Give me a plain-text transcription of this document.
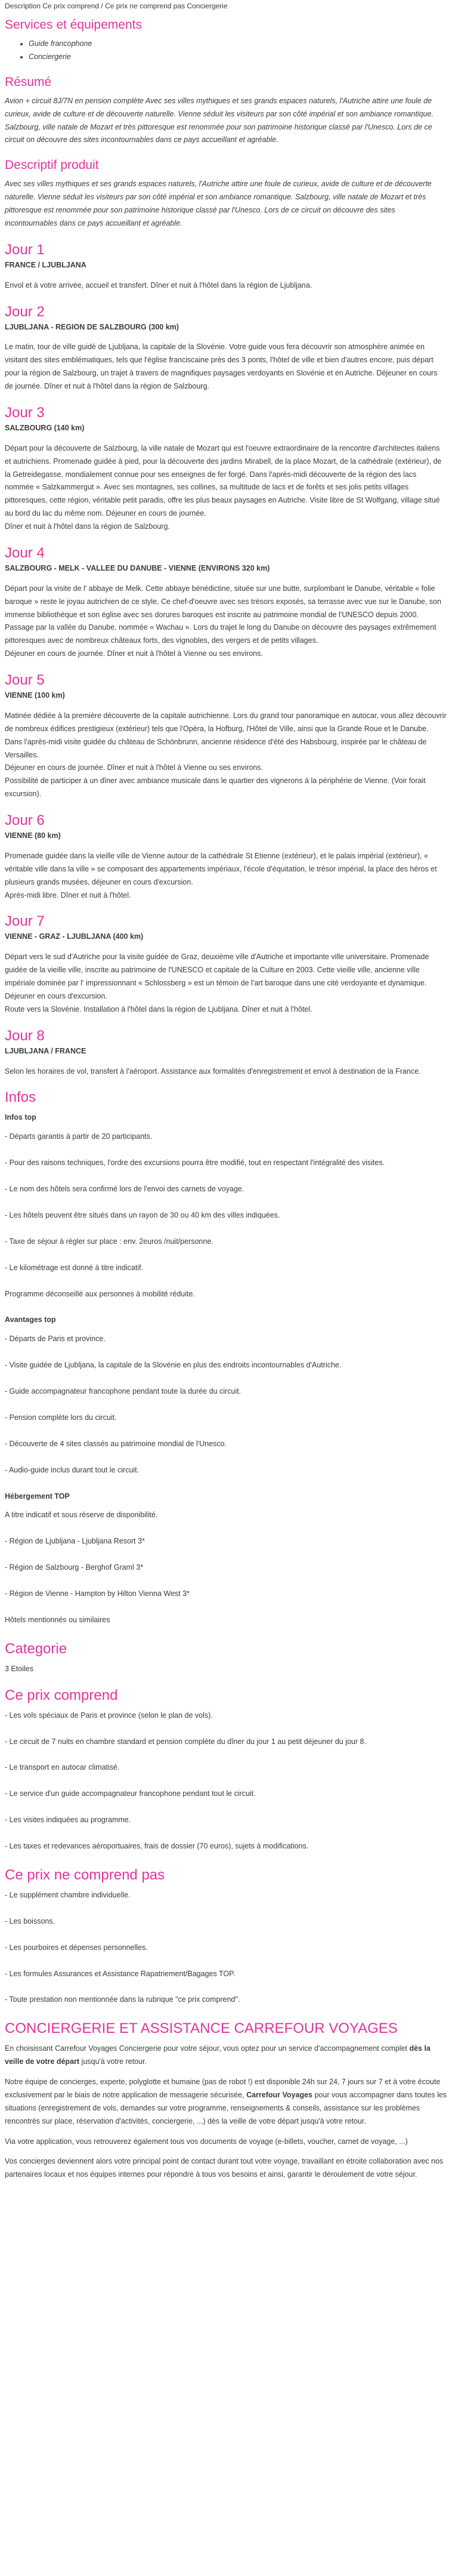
Description Ce prix comprend / Ce prix ne comprend pas Conciergerie

Services et équipements
• Guide francophone
• Conciergerie
Résumé

Avion + circuit 8J/7N en pension complète Avec ses villes mythiques et ses grands espaces naturels, l'Autriche attire une foule de curieux, avide de culture et de découverte naturelle. Vienne séduit les visiteurs par son côté impérial et son ambiance romantique. Salzbourg, ville natale de Mozart et très pittoresque est renommée pour son patrimoine historique classé par l'Unesco. Lors de ce circuit on découvre des sites incontournables dans ce pays accueillant et agréable.

Descriptif produit

Avec ses villes mythiques et ses grands espaces naturels, l'Autriche attire une foule de curieux, avide de culture et de découverte naturelle. Vienne séduit les visiteurs par son côté impérial et son ambiance romantique. Salzbourg, ville natale de Mozart et très pittoresque est renommée pour son patrimoine historique classé par l'Unesco. Lors de ce circuit on découvre des sites incontournables dans ce pays accueillant et agréable.

Jour 1
FRANCE / LJUBLJANA

Envol et à votre arrivée, accueil et transfert. Dîner et nuit à l'hôtel dans la région de Ljubljana.

Jour 2
LJUBLJANA - REGION DE SALZBOURG (300 km)

Le matin, tour de ville guidé de Ljubljana, la capitale de la Slovénie. Votre guide vous fera découvrir son atmosphère animée en visitant des sites emblématiques, tels que l'église franciscaine près des 3 ponts, l'hôtel de ville et bien d'autres encore, puis départ pour la région de Salzbourg, un trajet à travers de magnifiques paysages verdoyants en Slovénie et en Autriche. Déjeuner en cours de journée. Dîner et nuit à l'hôtel dans la région de Salzbourg.

Jour 3
SALZBOURG (140 km)

Départ pour la découverte de Salzbourg, la ville natale de Mozart qui est l'oeuvre extraordinaire de la rencontre d'architectes italiens et autrichiens. Promenade guidée à pied, pour la découverte des jardins Mirabell, de la place Mozart, de la cathédrale (extérieur), de la Getreidegasse, mondialement connue pour ses enseignes de fer forgé. Dans l'après-midi découverte de la région des lacs nommée « Salzkammergut ». Avec ses montagnes, ses collines, sa multitude de lacs et de forêts et ses jolis petits villages pittoresques, cette région, véritable petit paradis, offre les plus beaux paysages en Autriche. Visite libre de St Wolfgang, village situé au bord du lac du même nom. Déjeuner en cours de journée.

Dîner et nuit à l'hôtel dans la région de Salzbourg.

Jour 4
SALZBOURG - MELK - VALLEE DU DANUBE - VIENNE (ENVIRONS 320 km)

Départ pour la visite de l' abbaye de Melk. Cette abbaye bénédictine, située sur une butte, surplombant le Danube, véritable « folie baroque » reste le joyau autrichien de ce style. Ce chef-d'oeuvre avec ses trésors exposés, sa terrasse avec vue sur le Danube, son immense bibliothèque et son église avec ses dorures baroques est inscrite au patrimoine mondial de l'UNESCO depuis 2000. Passage par la vallée du Danube, nommée « Wachau ». Lors du trajet le long du Danube on découvre des paysages extrêmement pittoresques avec de nombreux châteaux forts, des vignobles, des vergers et de petits villages.

Déjeuner en cours de journée. Dîner et nuit à l'hôtel à Vienne ou ses environs.

Jour 5
VIENNE (100 km)

Matinée dédiée à la première découverte de la capitale autrichienne. Lors du grand tour panoramique en autocar, vous allez découvrir de nombreux édifices prestigieux (extérieur) tels que l'Opéra, la Hofburg, l'Hôtel de Ville, ainsi que la Grande Roue et le Danube.

Dans l'après-midi visite guidée du château de Schönbrunn, ancienne résidence d'été des Habsbourg, inspirée par le château de Versailles.

Déjeuner en cours de journée. Dîner et nuit à l'hôtel à Vienne ou ses environs.

Possibilité de participer à un dîner avec ambiance musicale dans le quartier des vignerons à la périphérie de Vienne. (Voir forait excursion).

Jour 6
VIENNE (80 km)

Promenade guidée dans la vieille ville de Vienne autour de la cathédrale St Etienne (extérieur), et le palais impérial (extérieur), « véritable ville dans la ville » se composant des appartements impériaux, l'école d'équitation, le trésor impérial, la place des héros et plusieurs grands musées, déjeuner en cours d'excursion.

Après-midi libre. Dîner et nuit à l'hôtel.

Jour 7
VIENNE - GRAZ - LJUBLJANA (400 km)

Départ vers le sud d'Autriche pour la visite guidée de Graz, deuxième ville d'Autriche et importante ville universitaire. Promenade guidée de la vieille ville, inscrite au patrimoine de l'UNESCO et capitale de la Culture en 2003. Cette vieille ville, ancienne ville impériale dominée par l' impressionnant « Schlossberg » est un témoin de l'art baroque dans une cité verdoyante et dynamique. Déjeuner en cours d'excursion.

Route vers la Slovénie. Installation à l'hôtel dans la région de Ljubljana. Dîner et nuit à l'hôtel.

Jour 8
LJUBLJANA / FRANCE

Selon les horaires de vol, transfert à l'aéroport. Assistance aux formalités d'enregistrement et envol à destination de la France.

Infos
Infos top
- Départs garantis à partir de 20 participants.
- Pour des raisons techniques, l'ordre des excursions pourra être modifié, tout en respectant l'intégralité des visites.
- Le nom des hôtels sera confirmé lors de l'envoi des carnets de voyage.
- Les hôtels peuvent être situés dans un rayon de 30 ou 40 km des villes indiquées.
- Taxe de séjour à régler sur place : env. 2euros /nuit/personne.
- Le kilométrage est donné à titre indicatif.
Programme déconseillé aux personnes à mobilité réduite.
Avantages top
- Départs de Paris et province.
- Visite guidée de Ljubljana, la capitale de la Slovénie en plus des endroits incontournables d'Autriche.
- Guide accompagnateur francophone pendant toute la durée du circuit.
- Pension complète lors du circuit.
- Découverte de 4 sites classés au patrimoine mondial de l'Unesco.
- Audio-guide inclus durant tout le circuit.
Hébergement TOP
A titre indicatif et sous réserve de disponibilité.
- Région de Ljubljana - Ljubljana Resort 3*
- Région de Salzbourg - Berghof Graml 3*
- Région de Vienne - Hampton by Hilton Vienna West 3*
Hôtels mentionnés ou similaires
Categorie

3 Etoiles

Ce prix comprend
- Les vols spéciaux de Paris et province (selon le plan de vols).
- Le circuit de 7 nuits en chambre standard et pension complète du dîner du jour 1 au petit déjeuner du jour 8.
- Le transport en autocar climatisé.
- Le service d'un guide accompagnateur francophone pendant tout le circuit.
- Les visites indiquées au programme.
- Les taxes et redevances aéroportuaires, frais de dossier (70 euros), sujets à modifications.
Ce prix ne comprend pas
- Le supplément chambre individuelle.
- Les boissons.
- Les pourboires et dépenses personnelles.
- Les formules Assurances et Assistance Rapatriement/Bagages TOP.
- Toute prestation non mentionnée dans la rubrique "ce prix comprend".
CONCIERGERIE ET ASSISTANCE CARREFOUR VOYAGES

En choisissant Carrefour Voyages Conciergerie pour votre séjour, vous optez pour un service d'accompagnement complet dès la veille de votre départ jusqu'à votre retour.

Notre équipe de concierges, experte, polyglotte et humaine (pas de robot !) est disponible 24h sur 24, 7 jours sur 7 et à votre écoute exclusivement par le biais de notre application de messagerie sécurisée, Carrefour Voyages pour vous accompagner dans toutes les situations (enregistrement de vols, demandes sur votre programme, renseignements & conseils, assistance sur les problèmes rencontrés sur place, réservation d'activités, conciergerie, ...) dès la veille de votre départ jusqu'à votre retour.

Via votre application, vous retrouverez également tous vos documents de voyage (e-billets, voucher, carnet de voyage, ...)

Vos concierges deviennent alors votre principal point de contact durant tout votre voyage, travaillant en étroite collaboration avec nos partenaires locaux et nos équipes internes pour répondre à tous vos besoins et ainsi, garantir le déroulement de votre séjour.
